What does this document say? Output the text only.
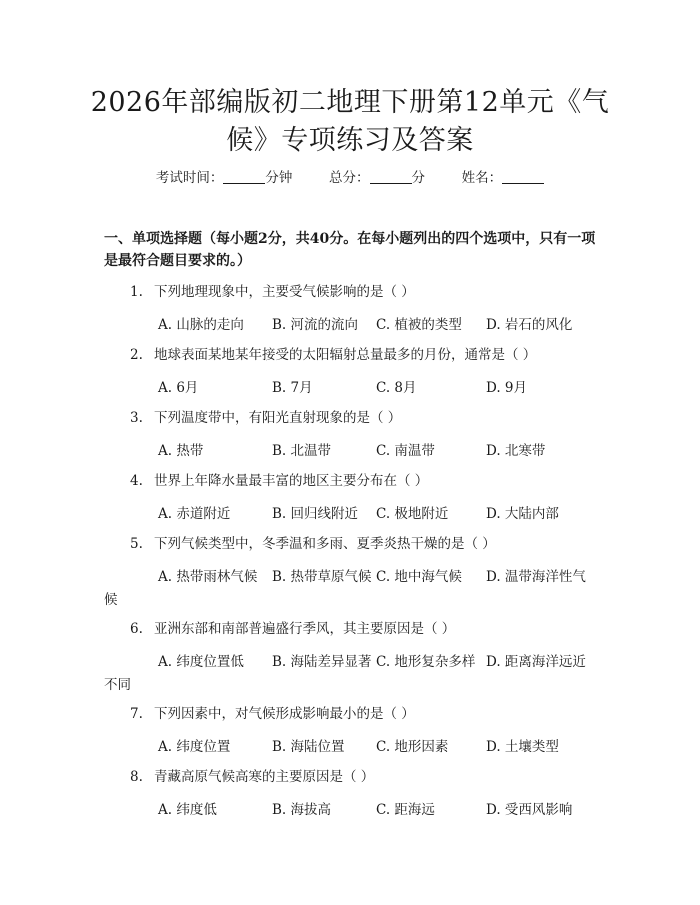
2026年部编版初二地理下册第12单元《气
候》专项练习及答案
考试时间：	分钟	总分：	分	姓名：
一、单项选择题（每小题2分，共40分。在每小题列出的四个选项中，只有一项
是最符合题目要求的。）
1. 下列地理现象中，主要受气候影响的是（ ）
A. 山脉的走向 B. 河流的流向 C. 植被的类型 D. 岩石的风化
2. 地球表面某地某年接受的太阳辐射总量最多的月份，通常是（ ）
A. 6月	B. 7月	C. 8月	D. 9月
3. 下列温度带中，有阳光直射现象的是（ ）
A. 热带	B. 北温带	C. 南温带	D. 北寒带
4. 世界上年降水量最丰富的地区主要分布在（ ）
A. 赤道附近	B. 回归线附近 C. 极地附近	D. 大陆内部
5. 下列气候类型中，冬季温和多雨、夏季炎热干燥的是（ ）
A. 热带雨林气候 B. 热带草原气候 C. 地中海气候 D. 温带海洋性气
候
6. 亚洲东部和南部普遍盛行季风，其主要原因是（ ）
A. 纬度位置低 B. 海陆差异显著 C. 地形复杂多样 D. 距离海洋远近
不同
7. 下列因素中，对气候形成影响最小的是（ ）
A. 纬度位置	B. 海陆位置 C. 地形因素	D. 土壤类型
8. 青藏高原气候高寒的主要原因是（ ）
A. 纬度低	B. 海拔高	C. 距海远	D. 受西风影响
